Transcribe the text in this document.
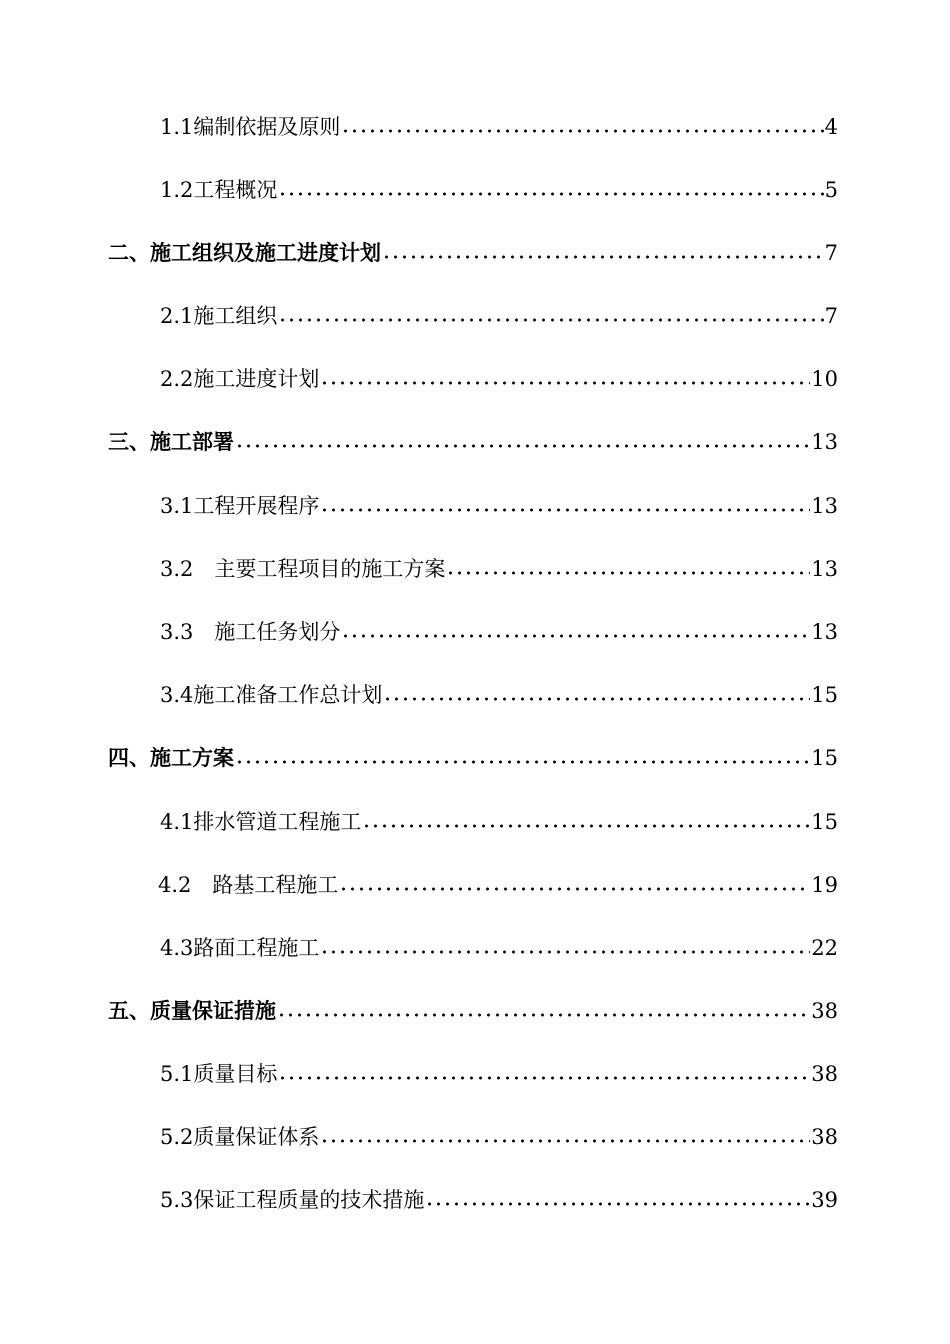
1.1编制依据及原则	4
1.2工程概况	5
二、施工组织及施工进度计划	7
2.1施工组织	7
2.2施工进度计划	10
三、施工部署	13
3.1工程开展程序	13
3.2　主要工程项目的施工方案	13
3.3　施工任务划分	13
3.4施工准备工作总计划	15
四、施工方案	15
4.1排水管道工程施工	15
4.2　路基工程施工	19
4.3路面工程施工	22
五、质量保证措施	38
5.1质量目标	38
5.2质量保证体系	38
5.3保证工程质量的技术措施	39
